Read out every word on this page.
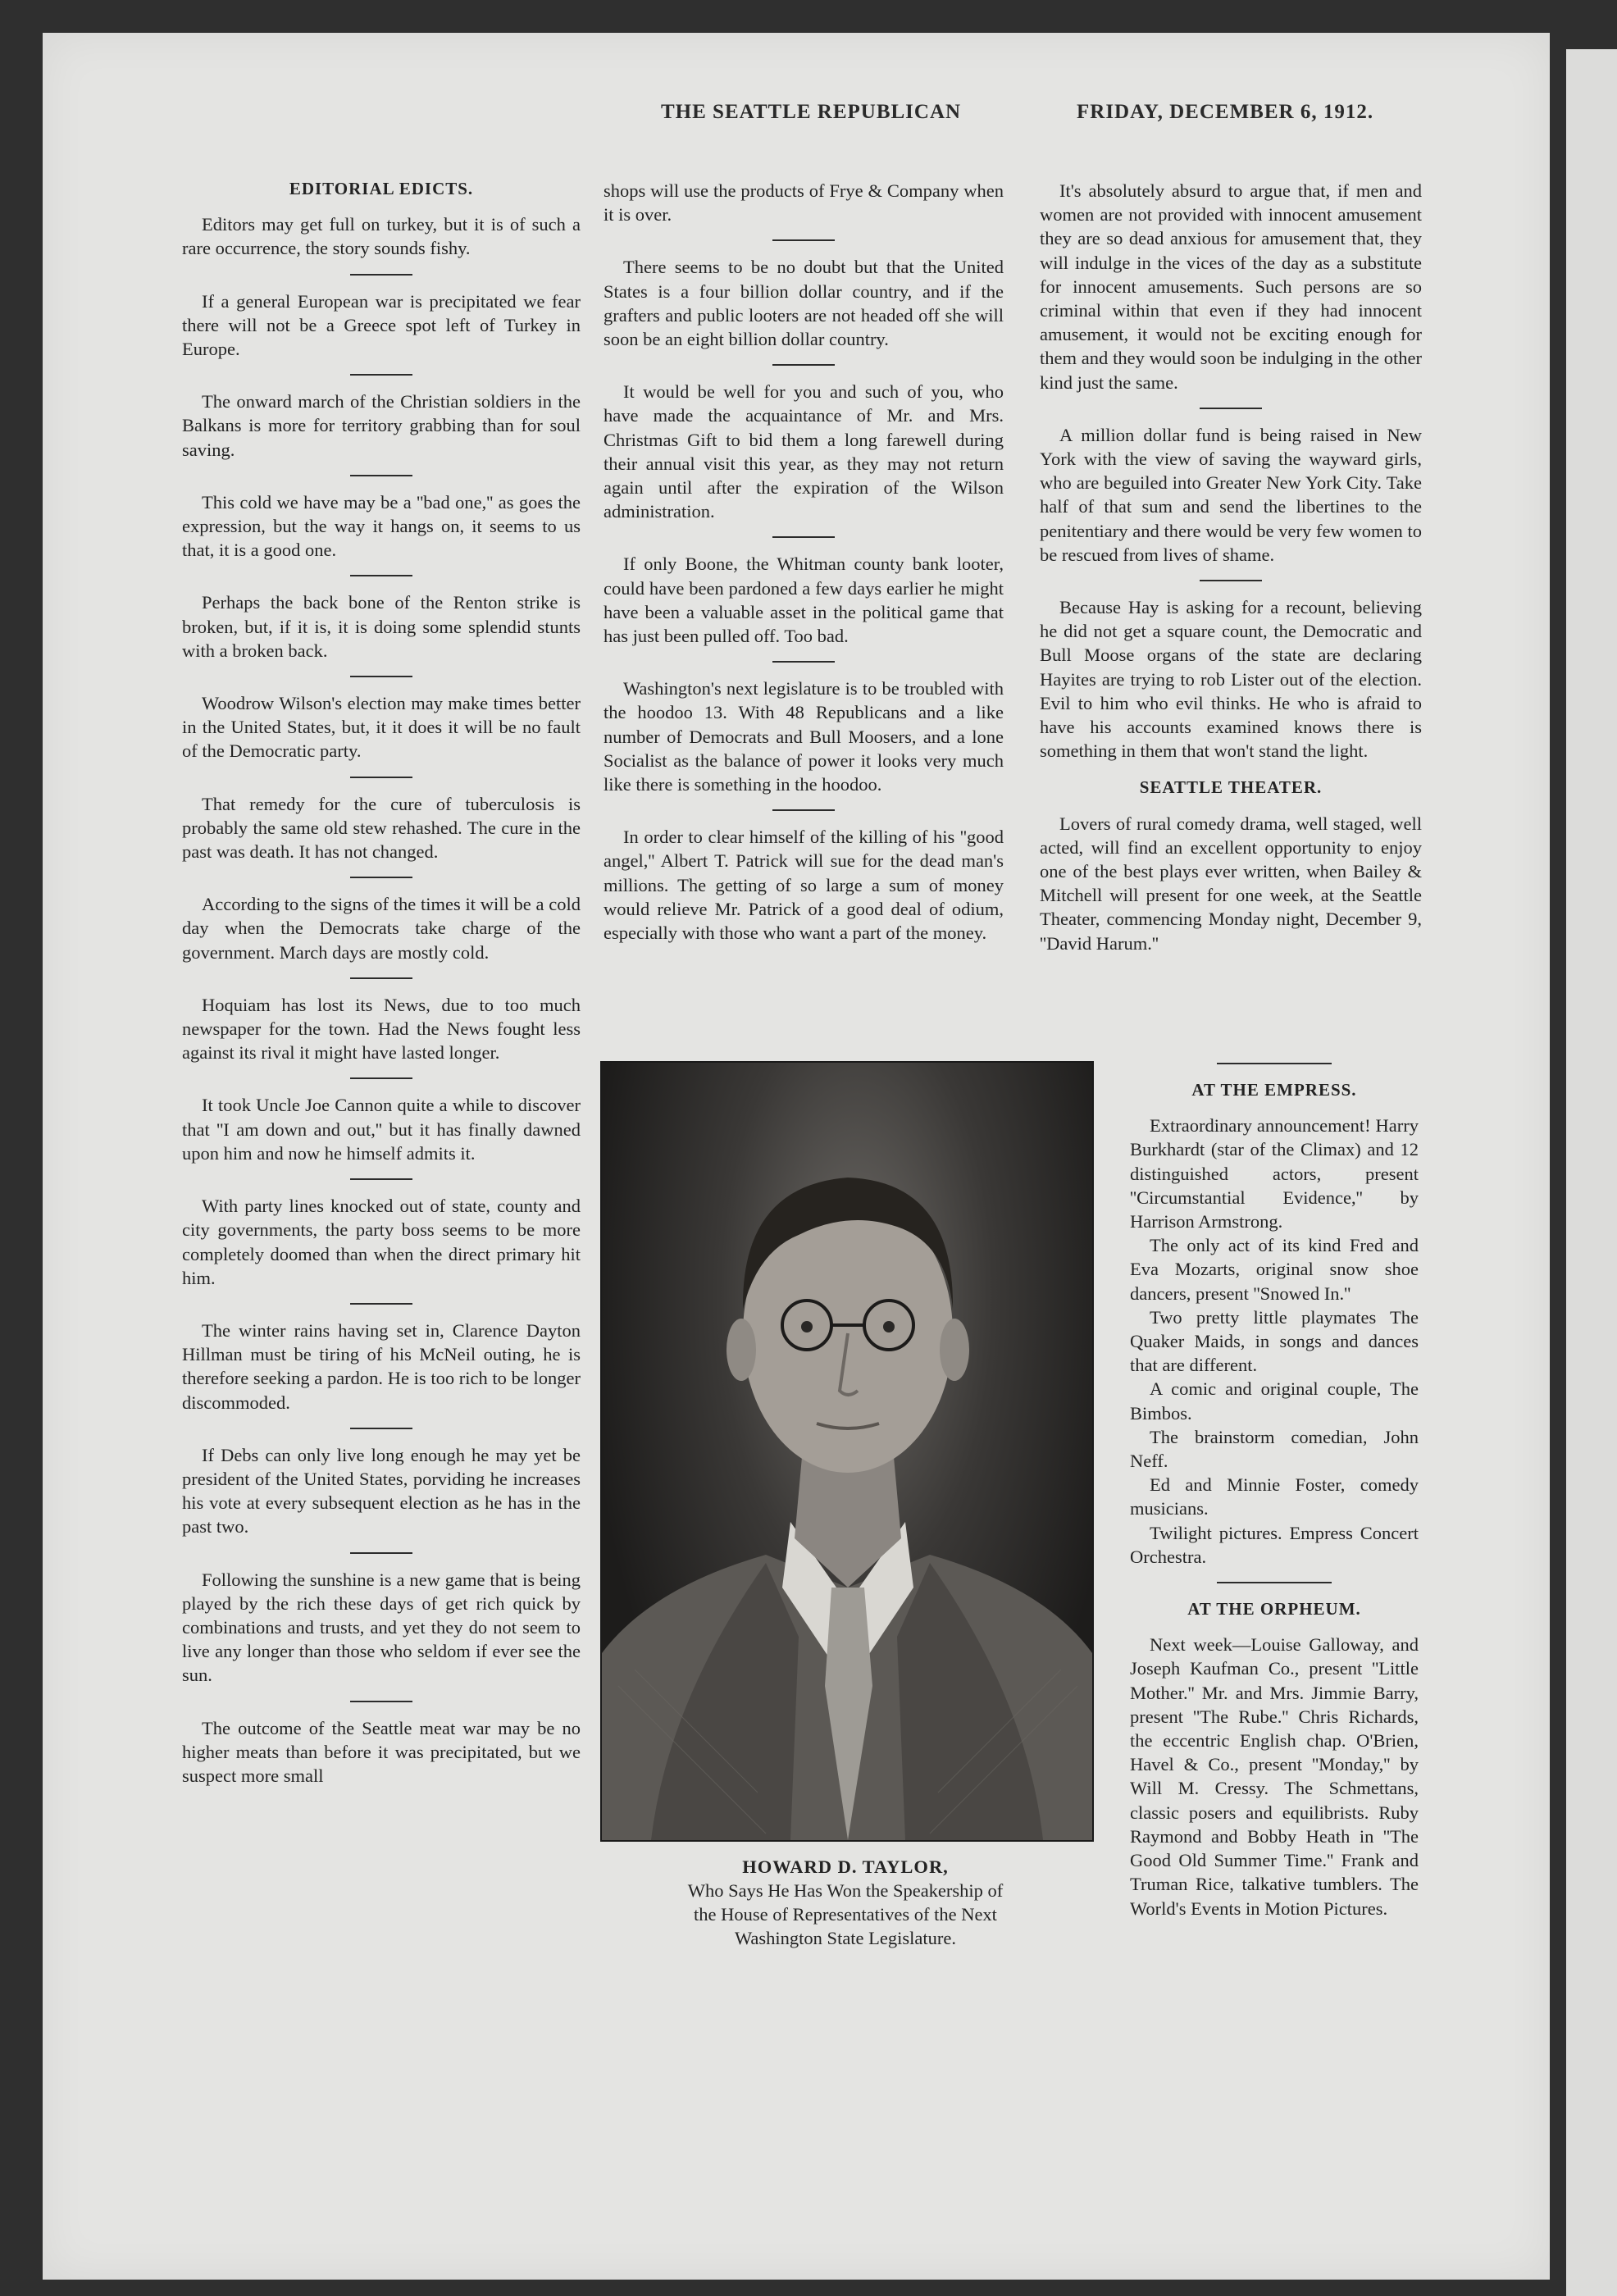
THE SEATTLE REPUBLICAN	FRIDAY, DECEMBER 6, 1912.
EDITORIAL EDICTS.

Editors may get full on turkey, but it is of such a rare occurrence, the story sounds fishy.

If a general European war is precipitated we fear there will not be a Greece spot left of Turkey in Europe.

The onward march of the Christian soldiers in the Balkans is more for territory grabbing than for soul saving.

This cold we have may be a ''bad one,'' as goes the expression, but the way it hangs on, it seems to us that, it is a good one.

Perhaps the back bone of the Renton strike is broken, but, if it is, it is doing some splendid stunts with a broken back.

Woodrow Wilson's election may make times better in the United States, but, it it does it will be no fault of the Democratic party.

That remedy for the cure of tuberculosis is probably the same old stew rehashed. The cure in the past was death. It has not changed.

According to the signs of the times it will be a cold day when the Democrats take charge of the government. March days are mostly cold.

Hoquiam has lost its News, due to too much newspaper for the town. Had the News fought less against its rival it might have lasted longer.

It took Uncle Joe Cannon quite a while to discover that ''I am down and out,'' but it has finally dawned upon him and now he himself admits it.

With party lines knocked out of state, county and city governments, the party boss seems to be more completely doomed than when the direct primary hit him.

The winter rains having set in, Clarence Dayton Hillman must be tiring of his McNeil outing, he is therefore seeking a pardon. He is too rich to be longer discommoded.

If Debs can only live long enough he may yet be president of the United States, porviding he increases his vote at every subsequent election as he has in the past two.

Following the sunshine is a new game that is being played by the rich these days of get rich quick by combinations and trusts, and yet they do not seem to live any longer than those who seldom if ever see the sun.

The outcome of the Seattle meat war may be no higher meats than before it was precipitated, but we suspect more small

shops will use the products of Frye & Company when it is over.

There seems to be no doubt but that the United States is a four billion dollar country, and if the grafters and public looters are not headed off she will soon be an eight billion dollar country.

It would be well for you and such of you, who have made the acquaintance of Mr. and Mrs. Christmas Gift to bid them a long farewell during their annual visit this year, as they may not return again until after the expiration of the Wilson administration.

If only Boone, the Whitman county bank looter, could have been pardoned a few days earlier he might have been a valuable asset in the political game that has just been pulled off. Too bad.

Washington's next legislature is to be troubled with the hoodoo 13. With 48 Republicans and a like number of Democrats and Bull Moosers, and a lone Socialist as the balance of power it looks very much like there is something in the hoodoo.

In order to clear himself of the killing of his ''good angel,'' Albert T. Patrick will sue for the dead man's millions. The getting of so large a sum of money would relieve Mr. Patrick of a good deal of odium, especially with those who want a part of the money.

HOWARD D. TAYLOR,
Who Says He Has Won the Speakership of
the House of Representatives of the Next
Washington State Legislature.

It's absolutely absurd to argue that, if men and women are not provided with innocent amusement they are so dead anxious for amusement that, they will indulge in the vices of the day as a substitute for innocent amusements. Such persons are so criminal within that even if they had innocent amusement, it would not be exciting enough for them and they would soon be indulging in the other kind just the same.

A million dollar fund is being raised in New York with the view of saving the wayward girls, who are beguiled into Greater New York City. Take half of that sum and send the libertines to the penitentiary and there would be very few women to be rescued from lives of shame.

Because Hay is asking for a recount, believing he did not get a square count, the Democratic and Bull Moose organs of the state are declaring Hayites are trying to rob Lister out of the election. Evil to him who evil thinks. He who is afraid to have his accounts examined knows there is something in them that won't stand the light.

SEATTLE THEATER.

Lovers of rural comedy drama, well staged, well acted, will find an excellent opportunity to enjoy one of the best plays ever written, when Bailey & Mitchell will present for one week, at the Seattle Theater, commencing Monday night, December 9, ''David Harum.''

AT THE EMPRESS.

Extraordinary announcement! Harry Burkhardt (star of the Climax) and 12 distinguished actors, present ''Circumstantial Evidence,'' by Harrison Armstrong.

The only act of its kind Fred and Eva Mozarts, original snow shoe dancers, present ''Snowed In.''

Two pretty little playmates The Quaker Maids, in songs and dances that are different.

A comic and original couple, The Bimbos.

The brainstorm comedian, John Neff.

Ed and Minnie Foster, comedy musicians.

Twilight pictures. Empress Concert Orchestra.

AT THE ORPHEUM.

Next week—Louise Galloway, and Joseph Kaufman Co., present ''Little Mother.'' Mr. and Mrs. Jimmie Barry, present ''The Rube.'' Chris Richards, the eccentric English chap. O'Brien, Havel & Co., present ''Monday,'' by Will M. Cressy. The Schmettans, classic posers and equilibrists. Ruby Raymond and Bobby Heath in ''The Good Old Summer Time.'' Frank and Truman Rice, talkative tumblers. The World's Events in Motion Pictures.
